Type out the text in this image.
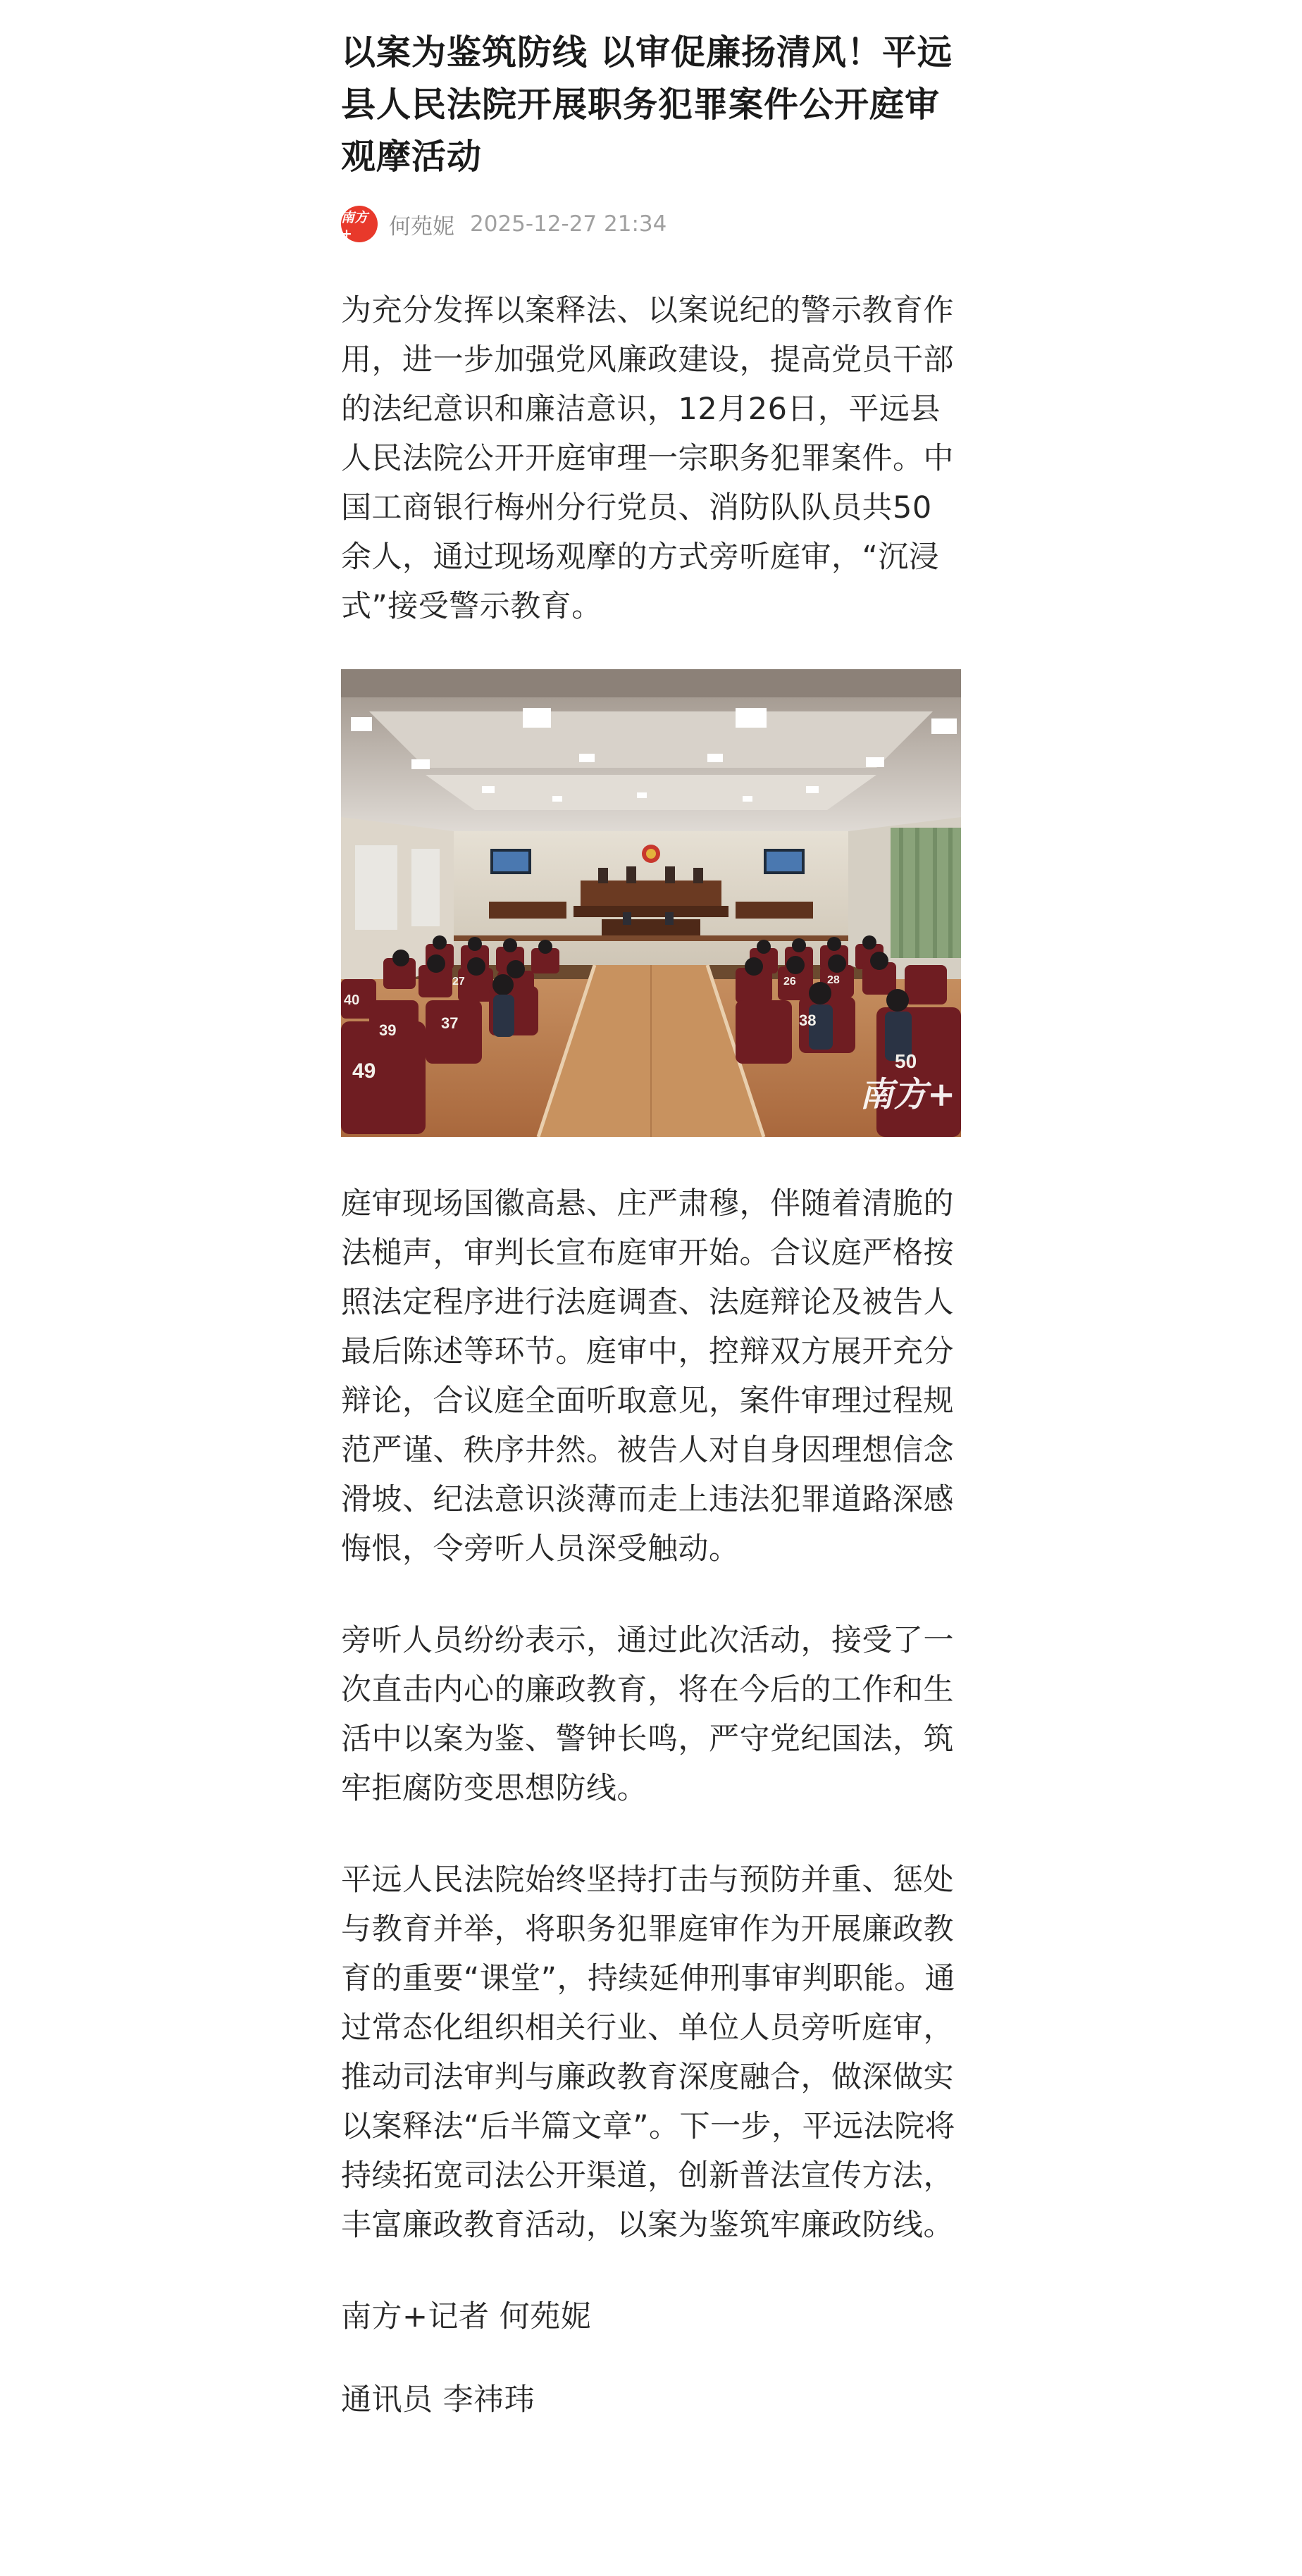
以案为鉴筑防线 以审促廉扬清风！平远县人民法院开展职务犯罪案件公开庭审观摩活动
南方+	何苑妮 2025-12-27 21:34

为充分发挥以案释法、以案说纪的警示教育作用，进一步加强党风廉政建设，提高党员干部的法纪意识和廉洁意识，12月26日，平远县人民法院公开开庭审理一宗职务犯罪案件。中国工商银行梅州分行党员、消防队队员共50余人，通过现场观摩的方式旁听庭审，“沉浸式”接受警示教育。

40
39	37
27	26	28
38
49	50
南方+

庭审现场国徽高悬、庄严肃穆，伴随着清脆的法槌声，审判长宣布庭审开始。合议庭严格按照法定程序进行法庭调查、法庭辩论及被告人最后陈述等环节。庭审中，控辩双方展开充分辩论，合议庭全面听取意见，案件审理过程规范严谨、秩序井然。被告人对自身因理想信念滑坡、纪法意识淡薄而走上违法犯罪道路深感悔恨，令旁听人员深受触动。

旁听人员纷纷表示，通过此次活动，接受了一次直击内心的廉政教育，将在今后的工作和生活中以案为鉴、警钟长鸣，严守党纪国法，筑牢拒腐防变思想防线。

平远人民法院始终坚持打击与预防并重、惩处与教育并举，将职务犯罪庭审作为开展廉政教育的重要“课堂”，持续延伸刑事审判职能。通过常态化组织相关行业、单位人员旁听庭审，推动司法审判与廉政教育深度融合，做深做实以案释法“后半篇文章”。下一步，平远法院将持续拓宽司法公开渠道，创新普法宣传方法，丰富廉政教育活动，以案为鉴筑牢廉政防线。

南方+记者 何苑妮

通讯员 李祎玮
